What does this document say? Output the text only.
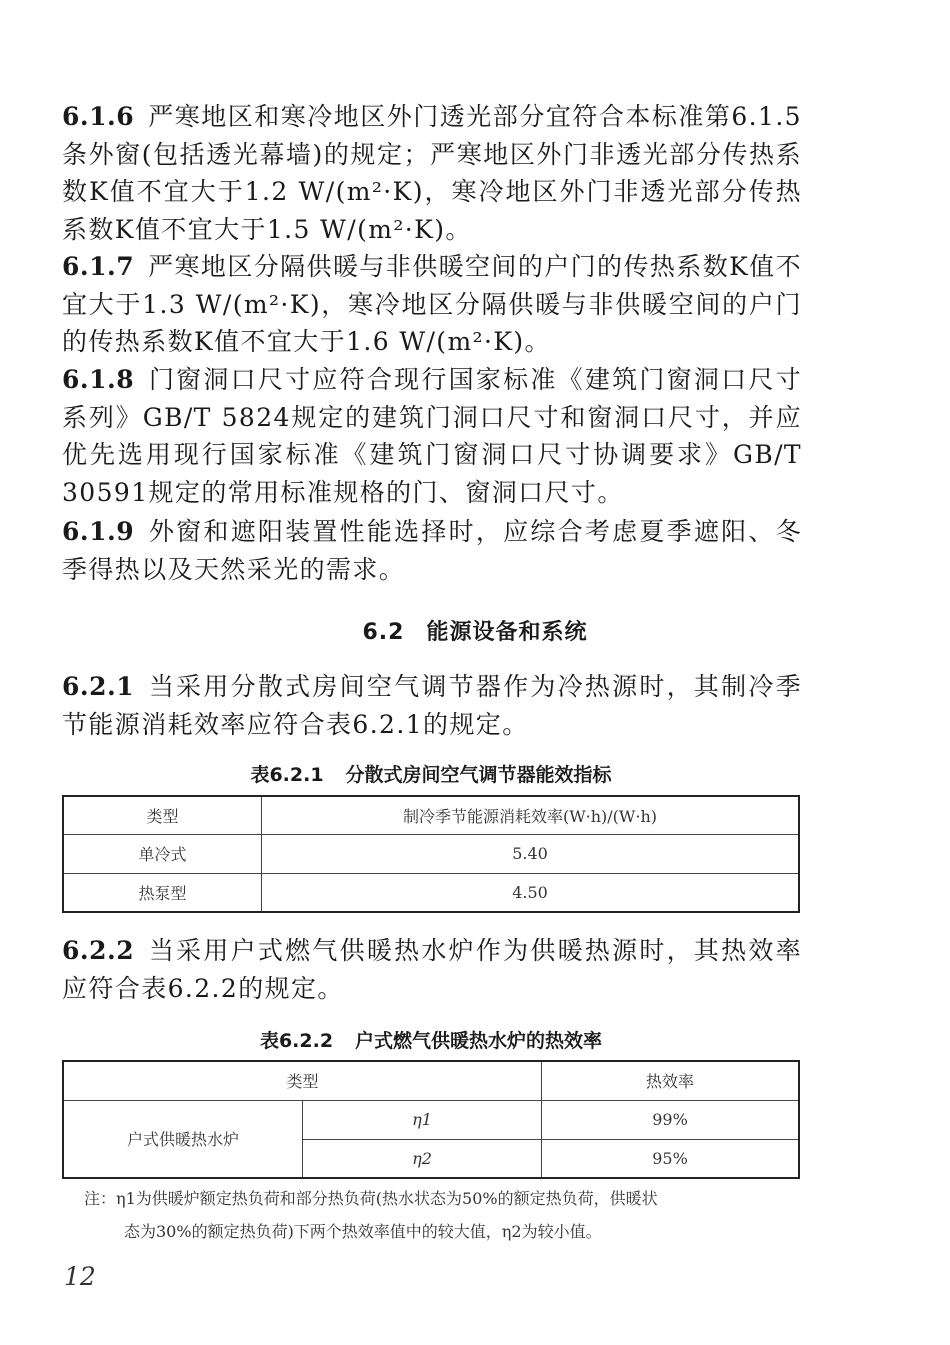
6.1.6 严寒地区和寒冷地区外门透光部分宜符合本标准第6.1.5条外窗(包括透光幕墙)的规定；严寒地区外门非透光部分传热系数K值不宜大于1.2 W/(m²·K)，寒冷地区外门非透光部分传热系数K值不宜大于1.5 W/(m²·K)。

6.1.7 严寒地区分隔供暖与非供暖空间的户门的传热系数K值不宜大于1.3 W/(m²·K)，寒冷地区分隔供暖与非供暖空间的户门的传热系数K值不宜大于1.6 W/(m²·K)。

6.1.8 门窗洞口尺寸应符合现行国家标准《建筑门窗洞口尺寸系列》GB/T 5824规定的建筑门洞口尺寸和窗洞口尺寸，并应优先选用现行国家标准《建筑门窗洞口尺寸协调要求》GB/T 30591规定的常用标准规格的门、窗洞口尺寸。

6.1.9 外窗和遮阳装置性能选择时，应综合考虑夏季遮阳、冬季得热以及天然采光的需求。

6.2 能源设备和系统

6.2.1 当采用分散式房间空气调节器作为冷热源时，其制冷季节能源消耗效率应符合表6.2.1的规定。

表6.2.1 分散式房间空气调节器能效指标
类型	制冷季节能源消耗效率(W·h)/(W·h)
单冷式	5.40
热泵型	4.50

6.2.2 当采用户式燃气供暖热水炉作为供暖热源时，其热效率应符合表6.2.2的规定。

表6.2.2 户式燃气供暖热水炉的热效率
类型		热效率
户式供暖热水炉	η1	99%
	η2	95%
注：η1为供暖炉额定热负荷和部分热负荷(热水状态为50%的额定热负荷，供暖状
态为30%的额定热负荷)下两个热效率值中的较大值，η2为较小值。
12
